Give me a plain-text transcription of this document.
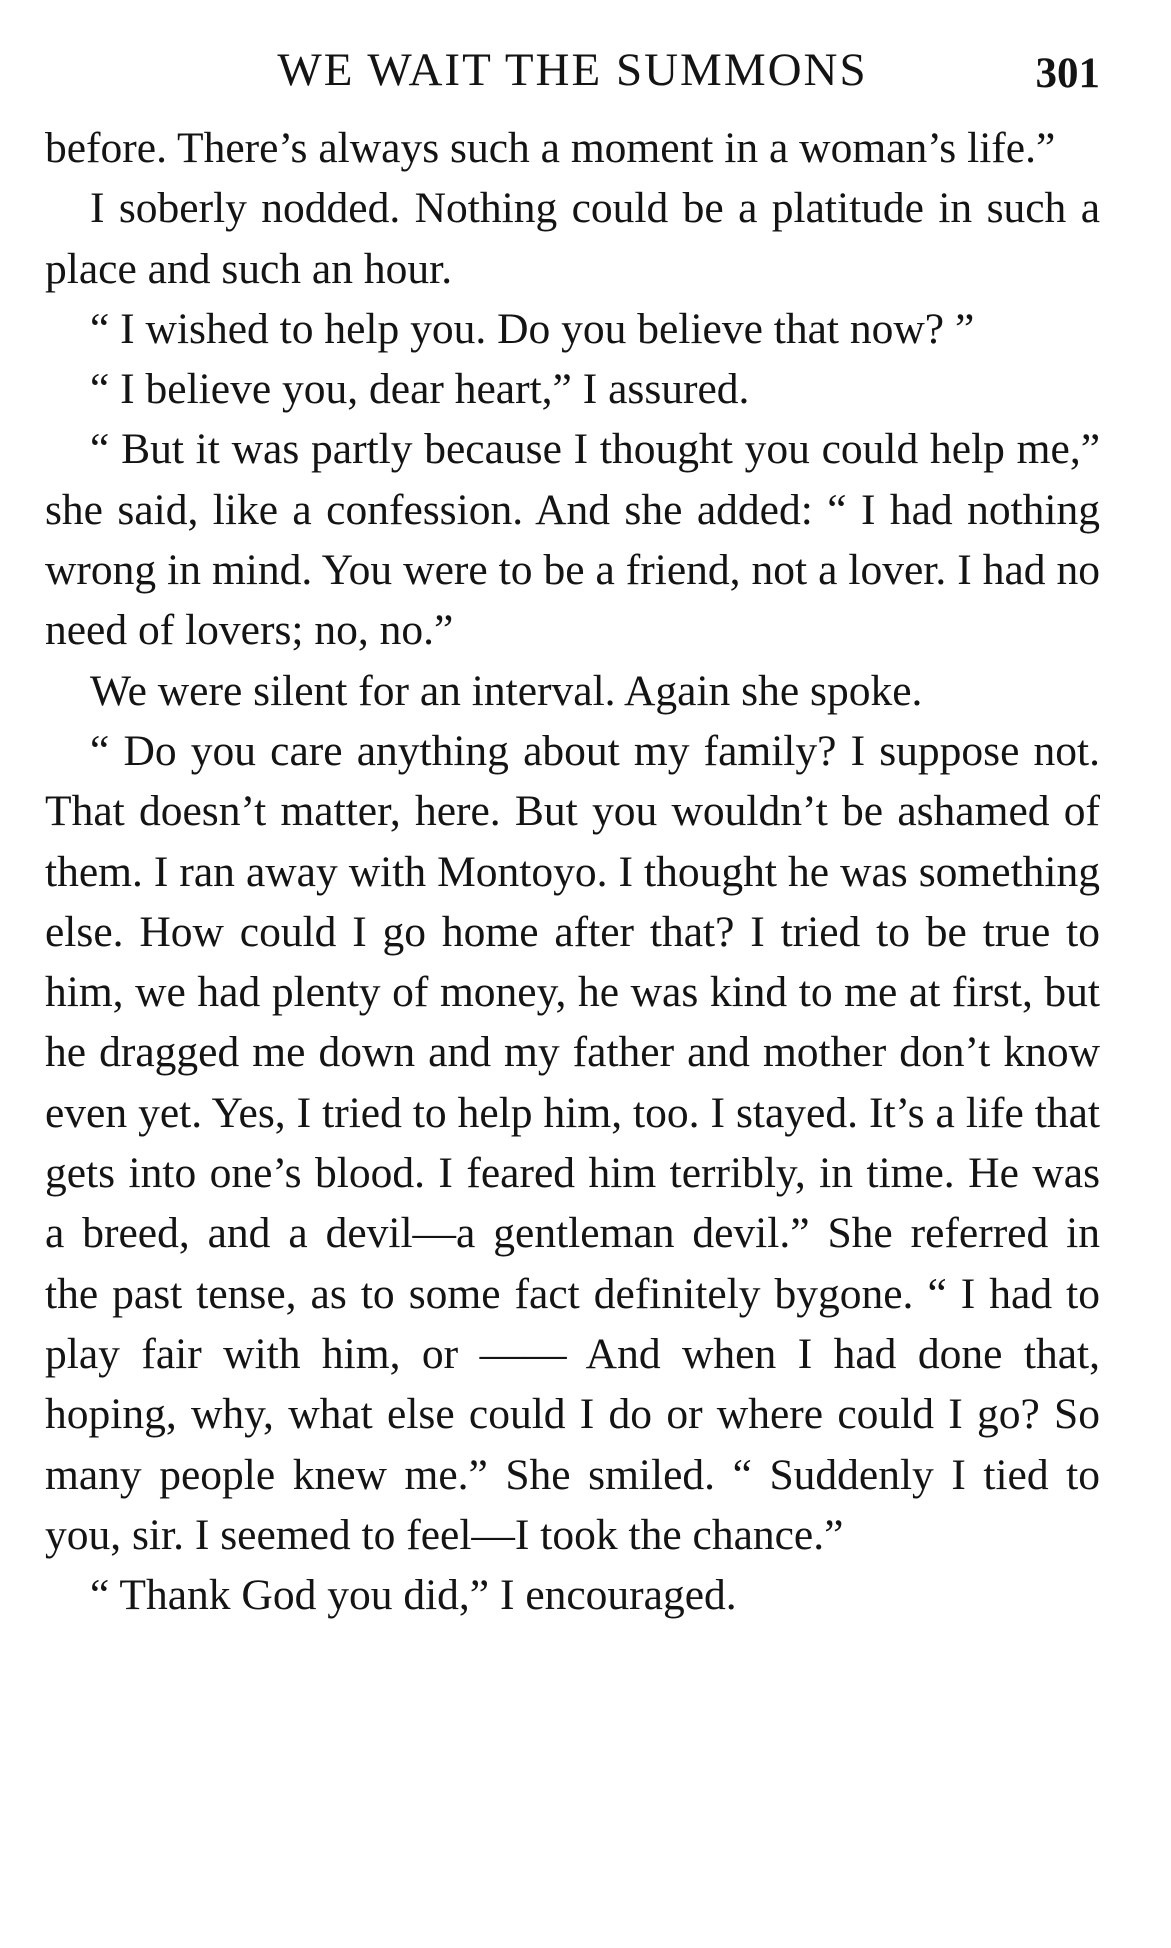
WE WAIT THE SUMMONS	301

before. There’s always such a moment in a woman’s life.”

I soberly nodded. Nothing could be a platitude in such a place and such an hour.

“ I wished to help you. Do you believe that now? ”

“ I believe you, dear heart,” I assured.

“ But it was partly because I thought you could help me,” she said, like a confession. And she added: “ I had nothing wrong in mind. You were to be a friend, not a lover. I had no need of lovers; no, no.”

We were silent for an interval. Again she spoke.

“ Do you care anything about my family? I suppose not. That doesn’t matter, here. But you wouldn’t be ashamed of them. I ran away with Montoyo. I thought he was something else. How could I go home after that? I tried to be true to him, we had plenty of money, he was kind to me at first, but he dragged me down and my father and mother don’t know even yet. Yes, I tried to help him, too. I stayed. It’s a life that gets into one’s blood. I feared him terribly, in time. He was a breed, and a devil—a gentleman devil.” She referred in the past tense, as to some fact definitely bygone. “ I had to play fair with him, or —— And when I had done that, hoping, why, what else could I do or where could I go? So many people knew me.” She smiled. “ Suddenly I tied to you, sir. I seemed to feel—I took the chance.”

“ Thank God you did,” I encouraged.
